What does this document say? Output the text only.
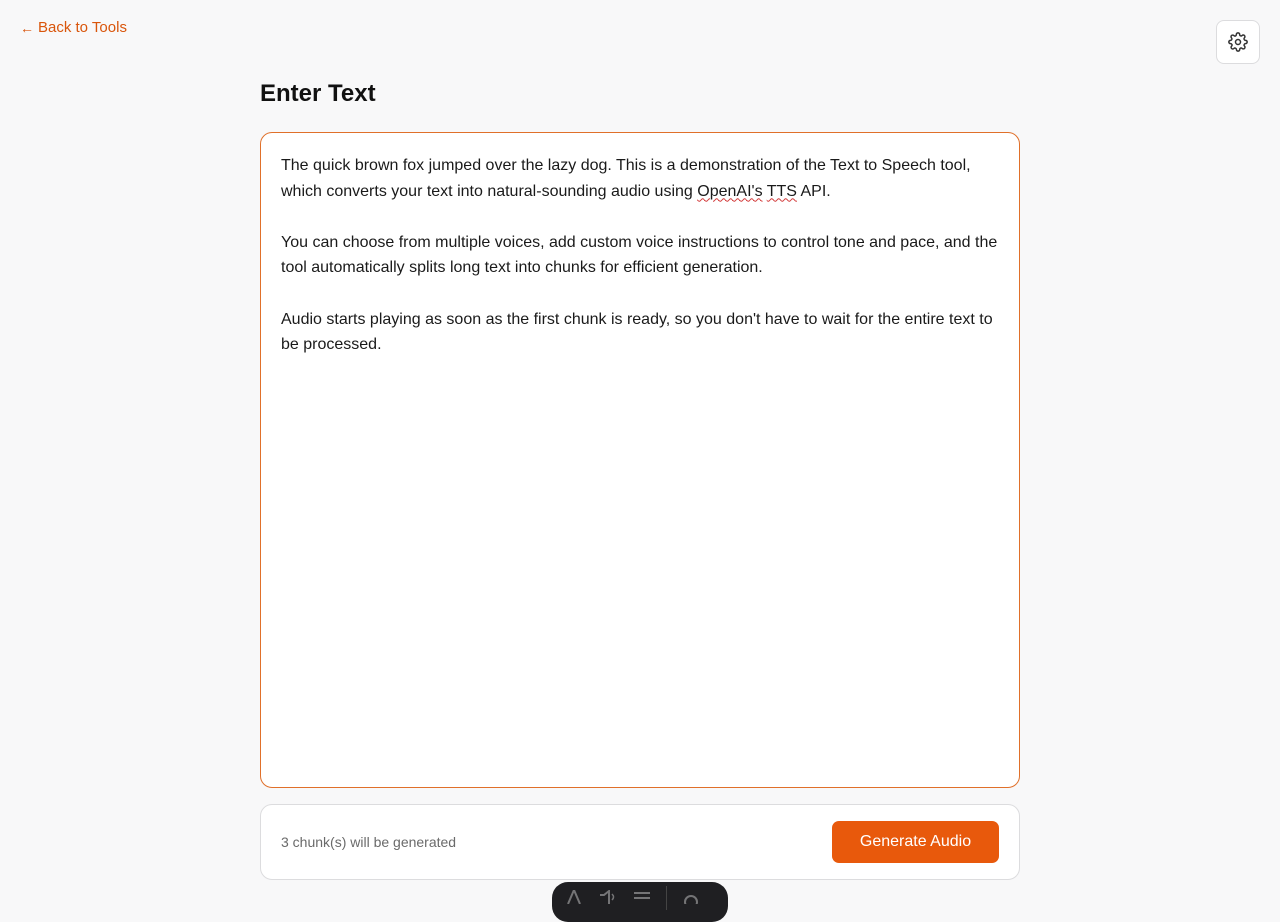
← Back to Tools
Enter Text

The quick brown fox jumped over the lazy dog. This is a demonstration of the Text to Speech tool, which converts your text into natural-sounding audio using OpenAI's TTS API.

You can choose from multiple voices, add custom voice instructions to control tone and pace, and the tool automatically splits long text into chunks for efficient generation.

Audio starts playing as soon as the first chunk is ready, so you don't have to wait for the entire text to be processed.

3 chunk(s) will be generated	Generate Audio
